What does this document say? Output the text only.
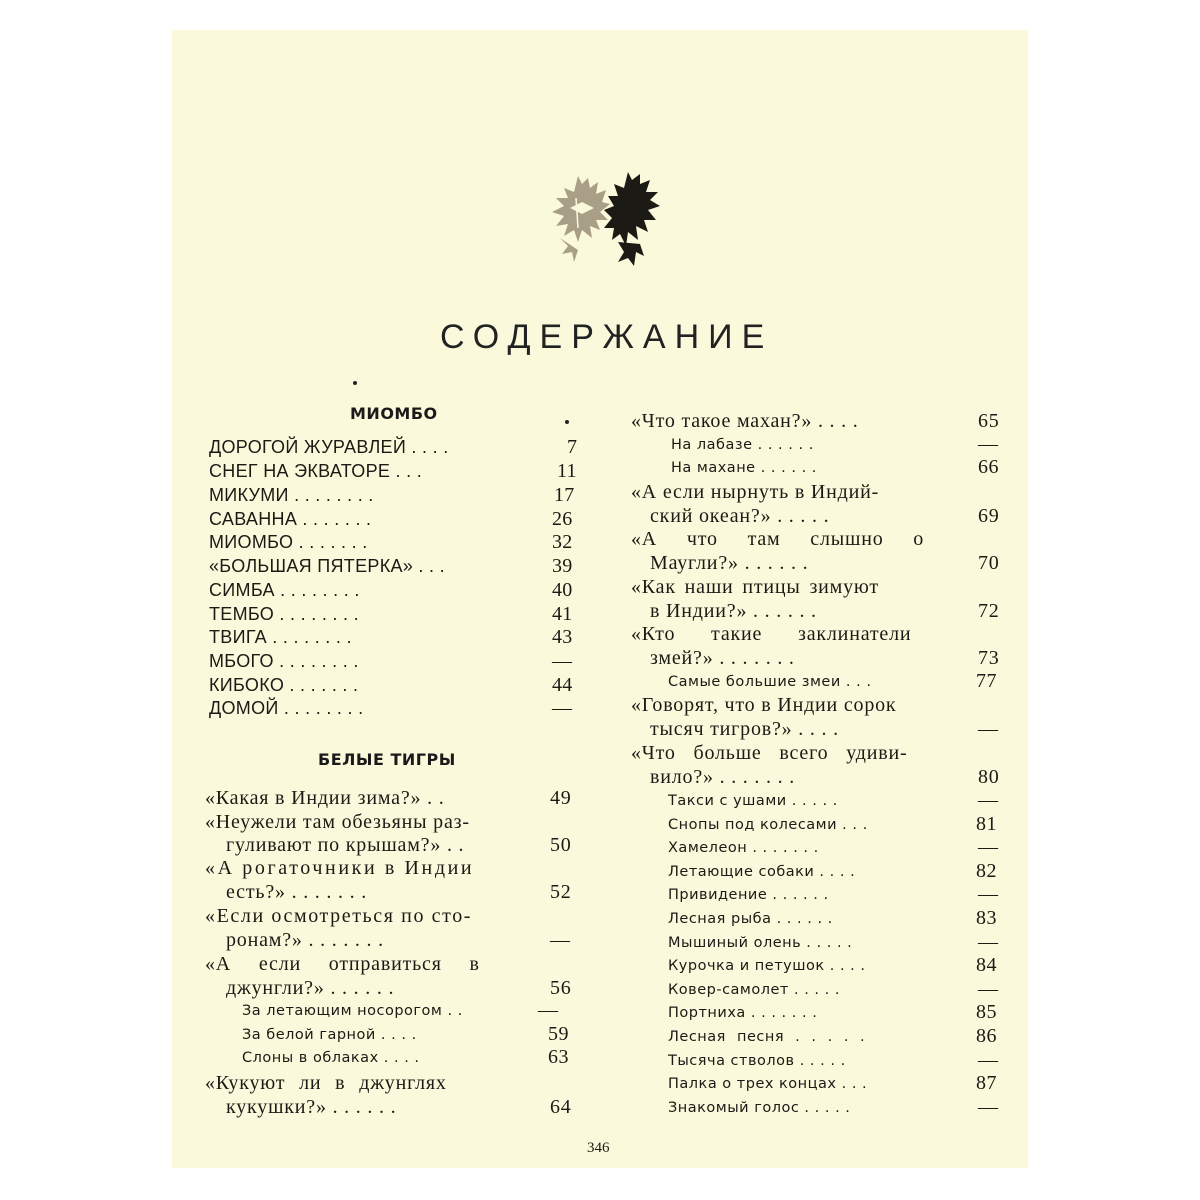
СОДЕРЖАНИЕ
МИОМБО
ДОРОГОЙ ЖУРАВЛЕЙ . . . .	7
СНЕГ НА ЭКВАТОРЕ . . .	11
МИКУМИ . . . . . . . .	17
САВАННА . . . . . . .	26
МИОМБО . . . . . . .	32
«БОЛЬШАЯ ПЯТЕРКА» . . .	39
СИМБА . . . . . . . .	40
ТЕМБО . . . . . . . .	41
ТВИГА . . . . . . . .	43
МБОГО . . . . . . . .	—
КИБОКО . . . . . . .	44
ДОМОЙ . . . . . . . .	—
БЕЛЫЕ ТИГРЫ
«Какая в Индии зима?» . .	49
«Неужели там обезьяны раз-
гуливают по крышам?» . .	50
«А рогаточники в Индии
есть?» . . . . . . .	52
«Если осмотреться по сто-
ронам?» . . . . . . .	—
«А если отправиться в
джунгли?» . . . . . .	56
За летающим носорогом . .	—
За белой гарной . . . .	59
Слоны в облаках . . . .	63
«Кукуют ли в джунглях
кукушки?» . . . . . .	64
«Что такое махан?» . . . .	65
На лабазе . . . . . .	—
На махане . . . . . .	66
«А если нырнуть в Индий-
ский океан?» . . . . .	69
«А что там слышно о
Маугли?» . . . . . .	70
«Как наши птицы зимуют
в Индии?» . . . . . .	72
«Кто такие заклинатели
змей?» . . . . . . .	73
Самые большие змеи . . .	77
«Говорят, что в Индии сорок
тысяч тигров?» . . . .	—
«Что больше всего удиви-
вило?» . . . . . . .	80
Такси с ушами . . . . .	—
Снопы под колесами . . .	81
Хамелеон . . . . . . .	—
Летающие собаки . . . .	82
Привидение . . . . . .	—
Лесная рыба . . . . . .	83
Мышиный олень . . . . .	—
Курочка и петушок . . . .	84
Ковер-самолет . . . . .	—
Портниха . . . . . . .	85
Лесная песня . . . . .	86
Тысяча стволов . . . . .	—
Палка о трех концах . . .	87
Знакомый голос . . . . .	—
346
